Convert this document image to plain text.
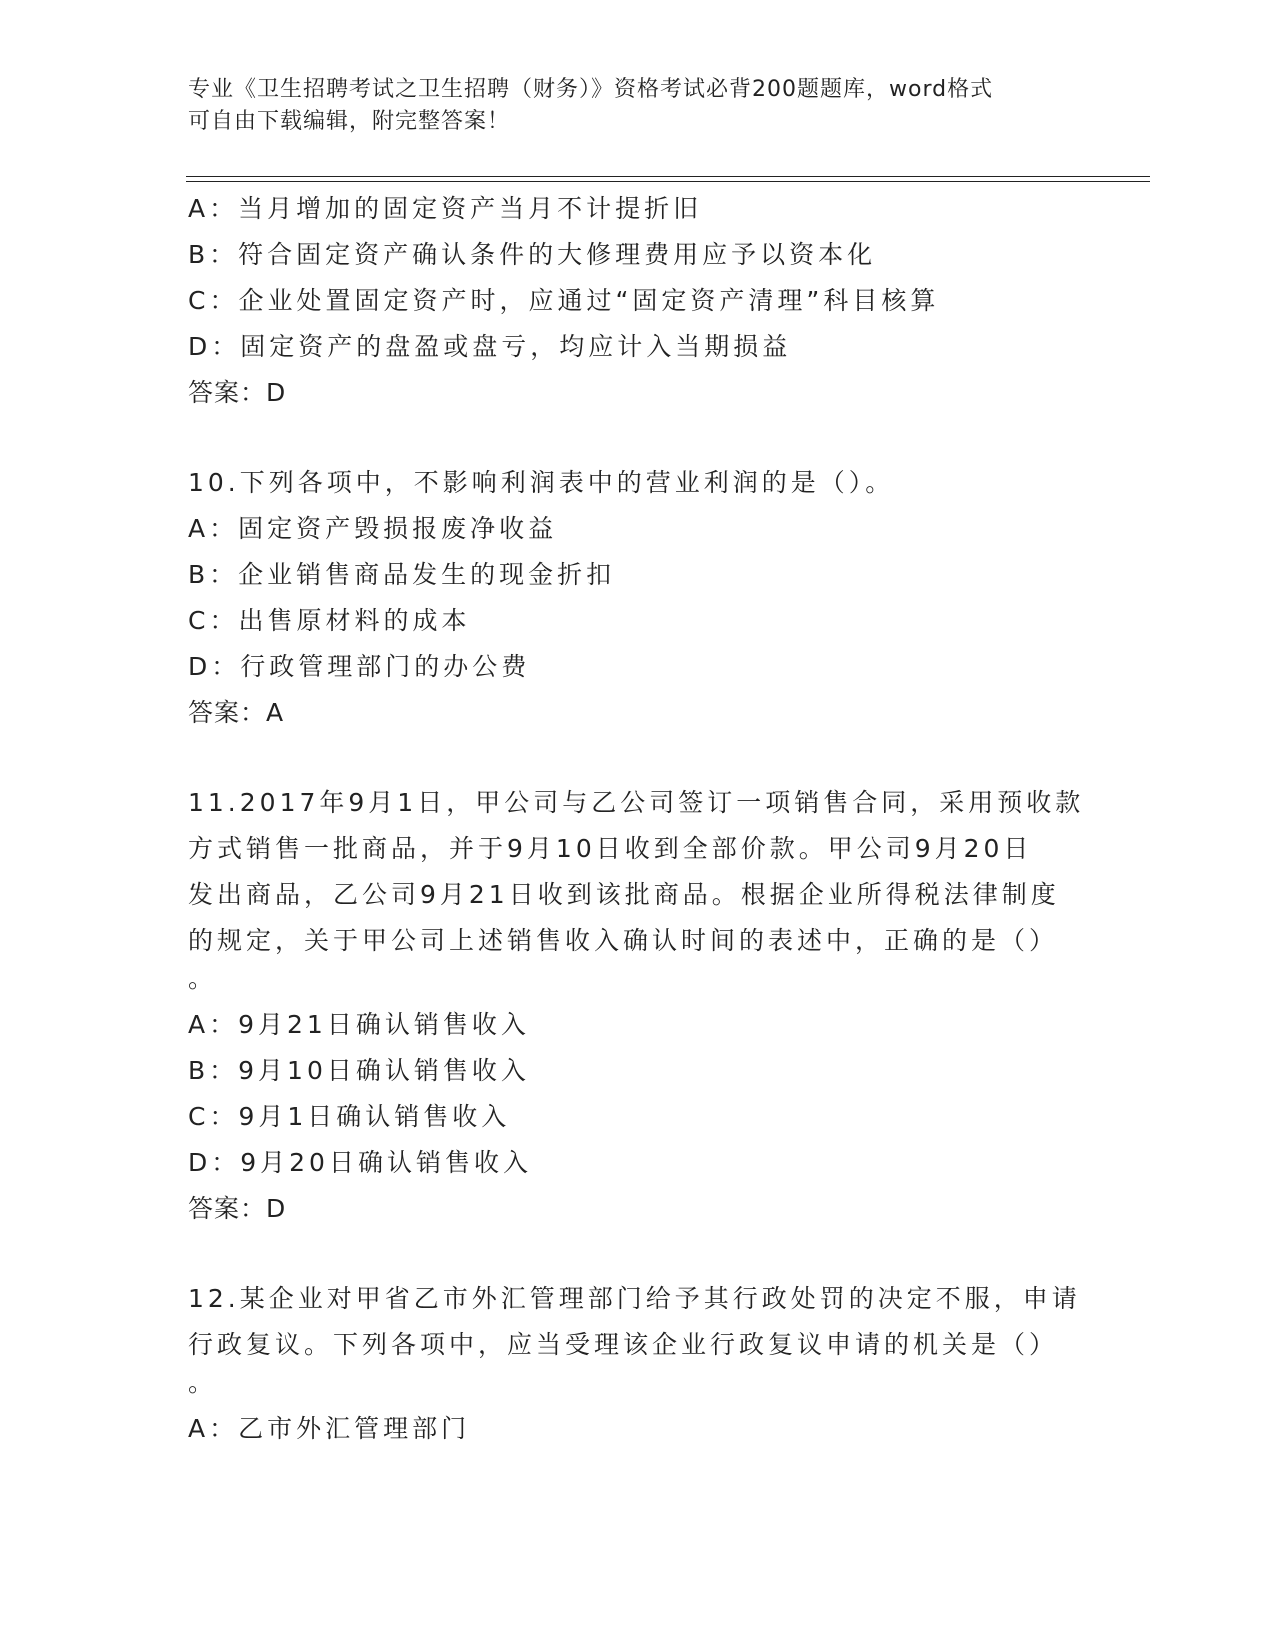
专业《卫生招聘考试之卫生招聘（财务）》资格考试必背200题题库，word格式
可自由下载编辑，附完整答案！
A：当月增加的固定资产当月不计提折旧
B：符合固定资产确认条件的大修理费用应予以资本化
C：企业处置固定资产时，应通过“固定资产清理”科目核算
D：固定资产的盘盈或盘亏，均应计入当期损益
答案：D
10.下列各项中，不影响利润表中的营业利润的是（）。
A：固定资产毁损报废净收益
B：企业销售商品发生的现金折扣
C：出售原材料的成本
D：行政管理部门的办公费
答案：A
11.2017年9月1日，甲公司与乙公司签订一项销售合同，采用预收款
方式销售一批商品，并于9月10日收到全部价款。甲公司9月20日
发出商品，乙公司9月21日收到该批商品。根据企业所得税法律制度
的规定，关于甲公司上述销售收入确认时间的表述中，正确的是（）
。
A：9月21日确认销售收入
B：9月10日确认销售收入
C：9月1日确认销售收入
D：9月20日确认销售收入
答案：D
12.某企业对甲省乙市外汇管理部门给予其行政处罚的决定不服，申请
行政复议。下列各项中，应当受理该企业行政复议申请的机关是（）
。
A：乙市外汇管理部门
